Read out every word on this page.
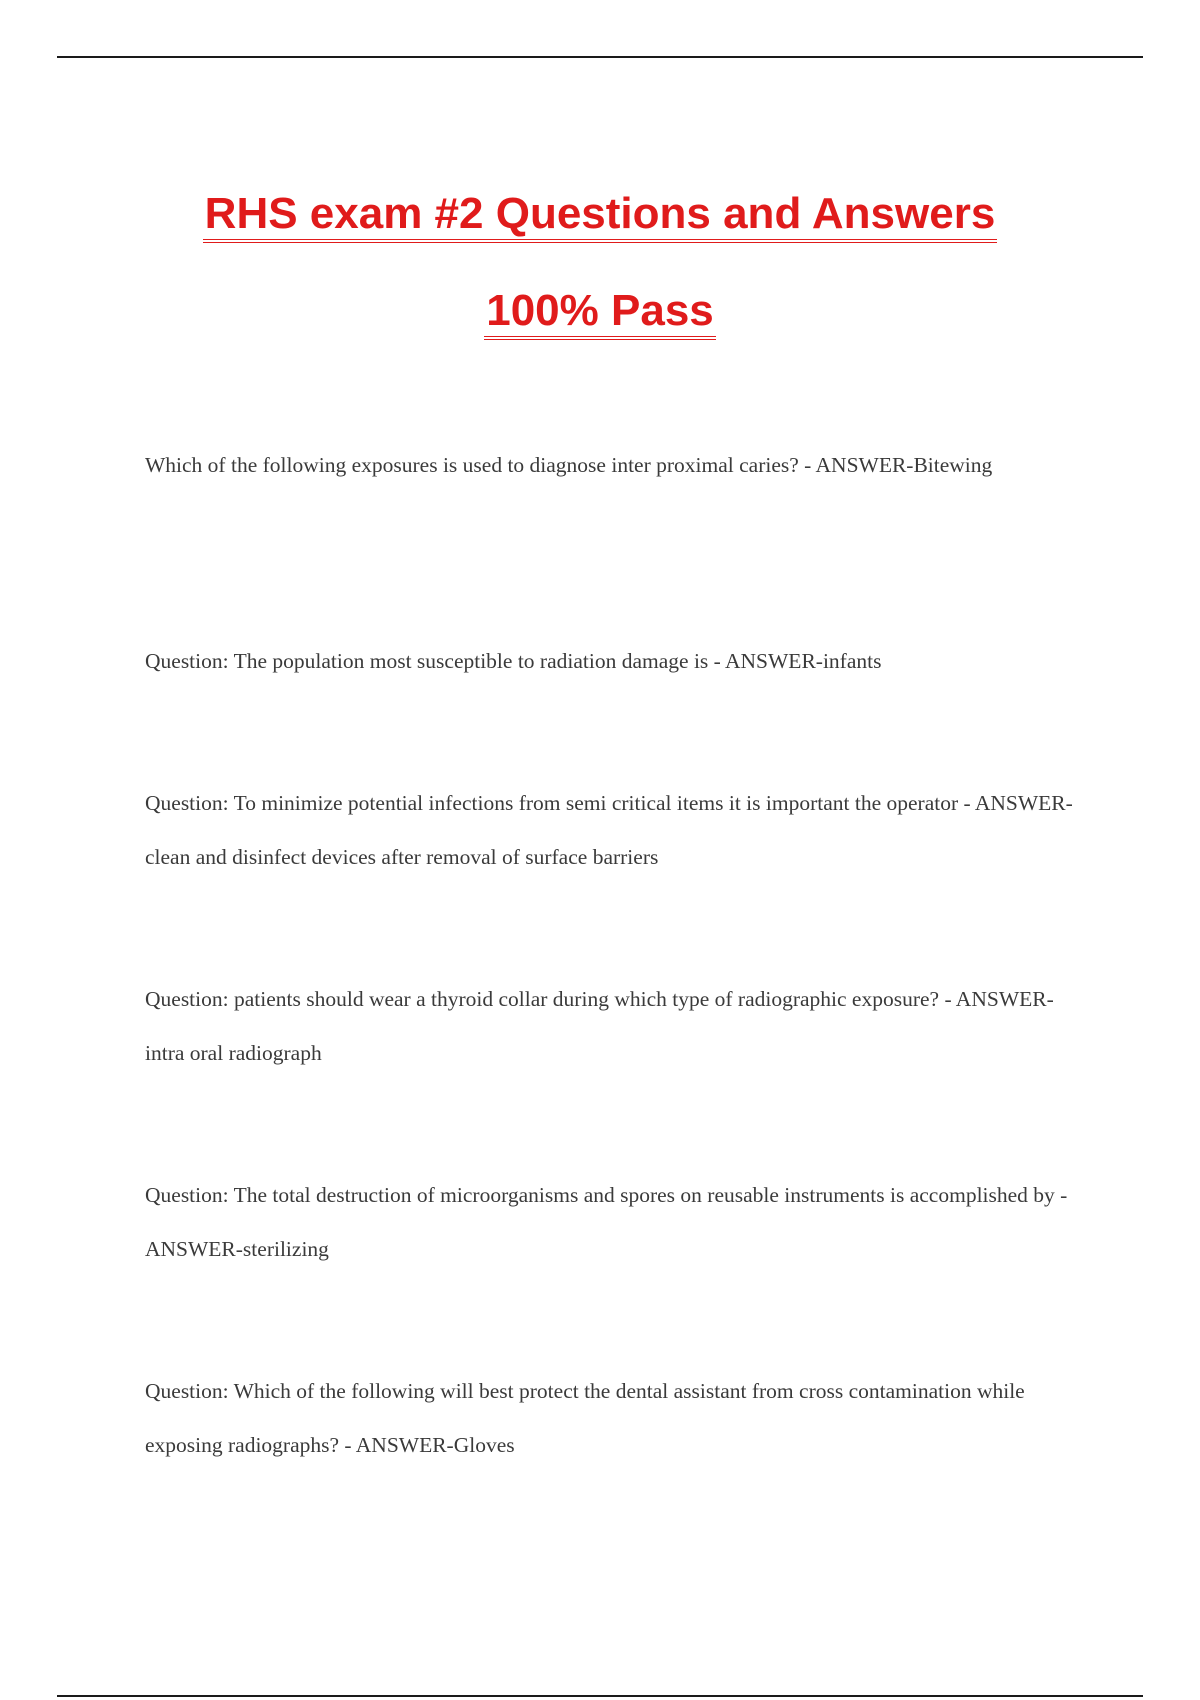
RHS exam #2 Questions and Answers
100% Pass
Which of the following exposures is used to diagnose inter proximal caries? - ANSWER-Bitewing
Question: The population most susceptible to radiation damage is - ANSWER-infants
Question: To minimize potential infections from semi critical items it is important the operator - ANSWER-clean and disinfect devices after removal of surface barriers
Question: patients should wear a thyroid collar during which type of radiographic exposure? - ANSWER-intra oral radiograph
Question: The total destruction of microorganisms and spores on reusable instruments is accomplished by - ANSWER-sterilizing
Question: Which of the following will best protect the dental assistant from cross contamination while exposing radiographs? - ANSWER-Gloves
